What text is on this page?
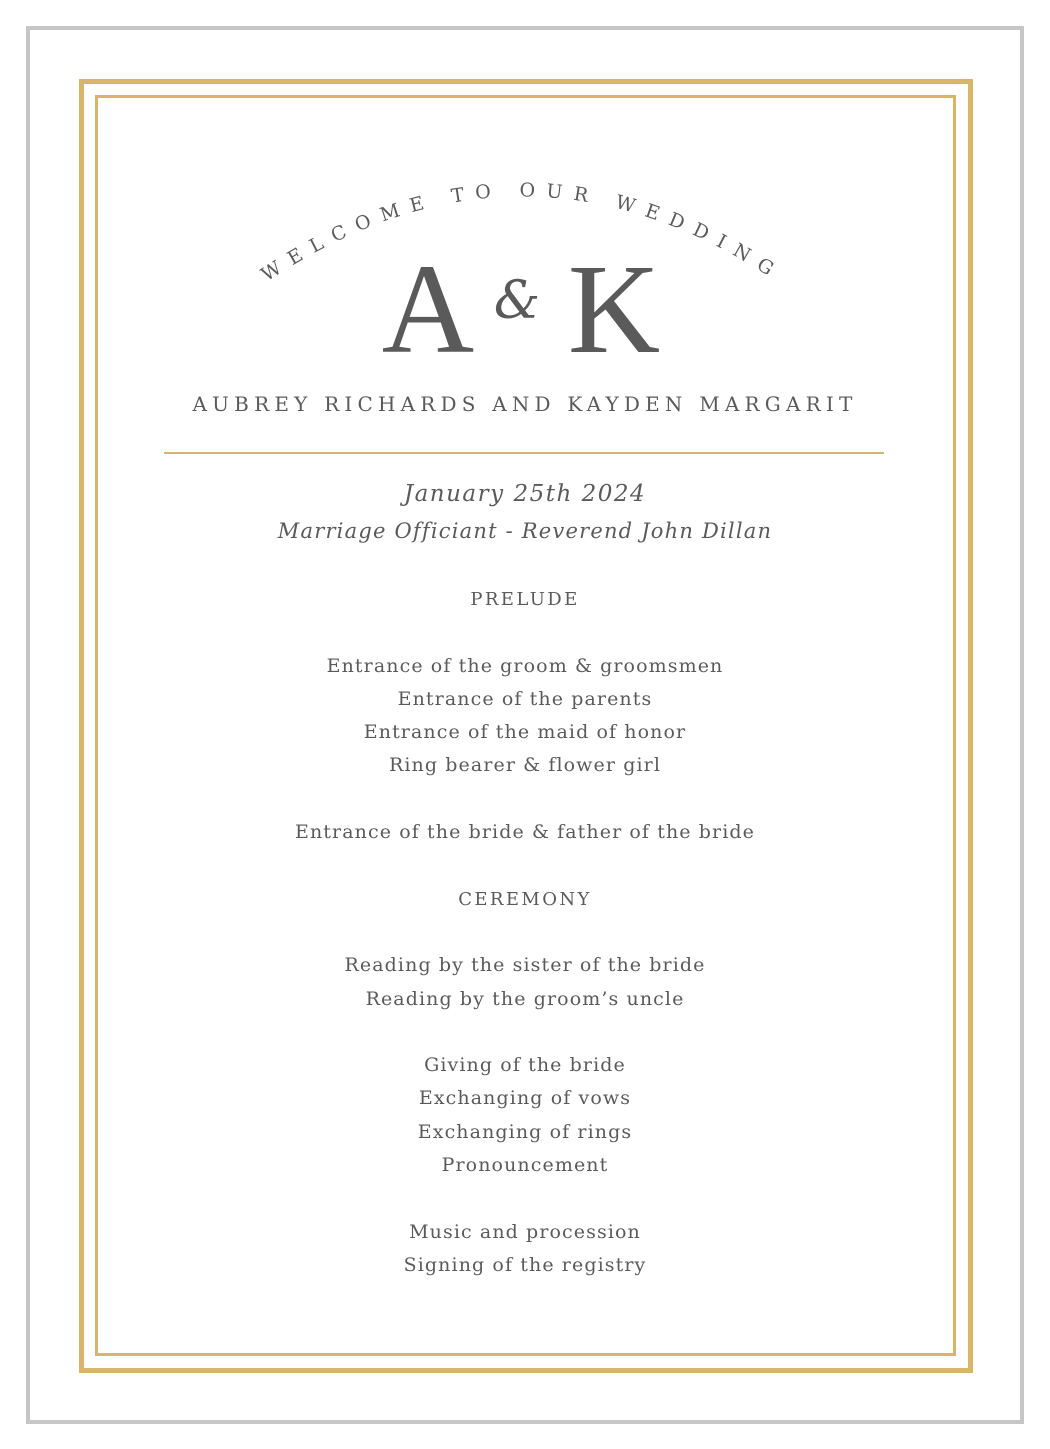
WELCOME TO OUR WEDDING
A & K
AUBREY RICHARDS AND KAYDEN MARGARIT
January 25th 2024
Marriage Officiant - Reverend John Dillan
PRELUDE
Entrance of the groom & groomsmen
Entrance of the parents
Entrance of the maid of honor
Ring bearer & flower girl
Entrance of the bride & father of the bride
CEREMONY
Reading by the sister of the bride
Reading by the groom’s uncle
Giving of the bride
Exchanging of vows
Exchanging of rings
Pronouncement
Music and procession
Signing of the registry
